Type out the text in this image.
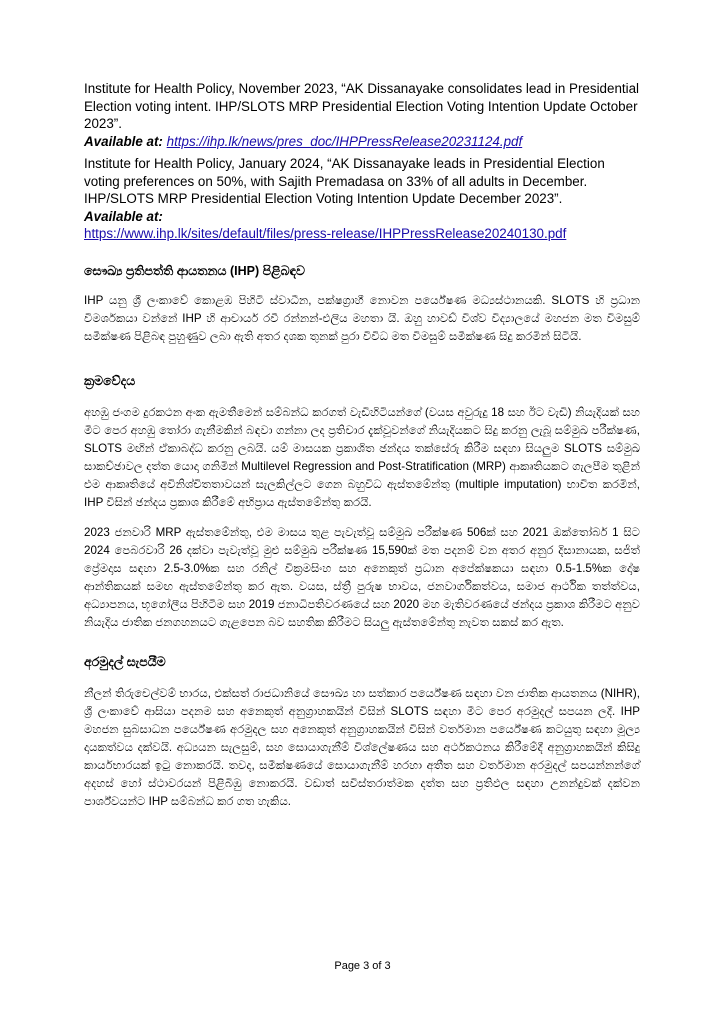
Institute for Health Policy, November 2023, “AK Dissanayake consolidates lead in Presidential Election voting intent. IHP/SLOTS MRP Presidential Election Voting Intention Update October 2023”.

Available at: https://ihp.lk/news/pres_doc/IHPPressRelease20231124.pdf

Institute for Health Policy, January 2024, “AK Dissanayake leads in Presidential Election voting preferences on 50%, with Sajith Premadasa on 33% of all adults in December. IHP/SLOTS MRP Presidential Election Voting Intention Update December 2023”.

Available at:
https://www.ihp.lk/sites/default/files/press-release/IHPPressRelease20240130.pdf

සෞඛ්‍ය ප්‍රතිපත්ති ආයතනය (IHP) පිළිබඳව

IHP යනු ශ්‍රී ලංකාවේ කොළඹ පිහිටි ස්වාධීන, පක්ෂග්‍රාහී නොවන පර්යේෂණ මධ්‍යස්ථානයකි. SLOTS හි ප්‍රධාන විමර්ශකයා වන්නේ IHP හි ආචාර්ය රවී රන්නන්-එලිය මහතා යි. ඔහු හාවඩ් විශ්ව විද්‍යාලයේ මහජන මත විමසුම් සමීක්ෂණ පිළිබඳ පුහුණුව ලබා ඇති අතර දශක තුනක් පුරා විවිධ මත විමසුම් සමීක්ෂණ සිදු කරමින් සිටියි.

ක්‍රමවේදය

අහඹු ජංගම දුරකථන අංක ඇමතීමෙන් සම්බන්ධ කරගත් වැඩිහිටියන්ගේ (වයස අවුරුදු 18 සහ ඊට වැඩි) නියැදියක් සහ මීට පෙර අහඹු තෝරා ගැනීමකින් බඳවා ගන්නා ලද ප්‍රතිචාර දැක්වූවන්ගේ නියැදියකට සිදු කරනු ලැබූ සම්මුඛ පරීක්ෂණ, SLOTS මඟින් ඒකාබද්ධ කරනු ලබයි. යම් මාසයක ප්‍රකාශිත ඡන්දය තක්සේරු කිරීම සඳහා සියලුම SLOTS සම්මුඛ සාකච්ඡාවල දත්ත යොදා ගනිමින් Multilevel Regression and Post-Stratification (MRP) ආකෘතියකට ගැලපීම තුළින් එම ආකෘතියේ අවිනිශ්චිතතාවයන් සැලකිල්ලට ගෙන බහුවිධ ඇස්තමේන්තු (multiple imputation) භාවිත කරමින්, IHP විසින් ඡන්දය ප්‍රකාශ කිරීමේ අභිප්‍රාය ඇස්තමේන්තු කරයි.

2023 ජනවාරි MRP ඇස්තමේන්තු, එම මාසය තුළ පැවැත්වූ සම්මුඛ පරීක්ෂණ 506ක් සහ 2021 ඔක්තෝබර් 1 සිට 2024 පෙබරවාරි 26 දක්වා පැවැත්වූ මුළු සම්මුඛ පරීක්ෂණ 15,590ක් මත පදනම් වන අතර අනුර දිසානායක, සජිත් ප්‍රේමදාස සඳහා 2.5-3.0%ක සහ රනිල් වික්‍රමසිංහ සහ අනෙකුත් ප්‍රධාන අපේක්ෂකයා සඳහා 0.5-1.5%ක දෝෂ ආන්තිකයක් සමඟ ඇස්තමේන්තු කර ඇත. වයස, ස්ත්‍රී පුරුෂ භාවය, ජනවාර්ගිකත්වය, සමාජ ආර්ථික තත්ත්වය, අධ්‍යාපනය, භූගෝලීය පිහිටීම සහ 2019 ජනාධිපතිවරණයේ සහ 2020 මහ මැතිවරණයේ ඡන්දය ප්‍රකාශ කිරීමට අනුව නියැදිය ජාතික ජනගහනයට ගැළපෙන බව සහතික කිරීමට සියලු ඇස්තමේන්තු නැවත සකස් කර ඇත.

අරමුදල් සැපයීම

නීලන් තිරුචෙල්වම් භාරය, එක්සත් රාජධානියේ සෞඛ්‍ය හා සත්කාර පර්යේෂණ සඳහා වන ජාතික ආයතනය (NIHR), ශ්‍රී ලංකාවේ ආසියා පදනම සහ අනෙකුත් අනුග්‍රාහකයින් විසින් SLOTS සඳහා මීට පෙර අරමුදල් සපයන ලදී. IHP මහජන සුබසාධන පර්යේෂණ අරමුදල සහ අනෙකුත් අනුග්‍රාහකයින් විසින් වර්තමාන පර්යේෂණ කටයුතු සඳහා මූල්‍ය දායකත්වය දක්වයි. අධ්‍යයන සැලසුම්, සහ සොයාගැනීම් විශ්ලේෂණය සහ අර්ථකථනය කිරීමේදී අනුග්‍රාහකයින් කිසිදු කාර්යභාරයක් ඉටු නොකරයි. තවද, සමීක්ෂණයේ සොයාගැනීම් හරහා අතීත සහ වර්තමාන අරමුදල් සපයන්නන්ගේ අදහස් හෝ ස්ථාවරයන් පිළිබිඹු නොකරයි. වඩාත් සවිස්තරාත්මක දත්ත සහ ප්‍රතිඵල සඳහා උනන්දුවක් දක්වන පාර්ශ්වයන්ට IHP සම්බන්ධ කර ගත හැකිය.

Page 3 of 3
